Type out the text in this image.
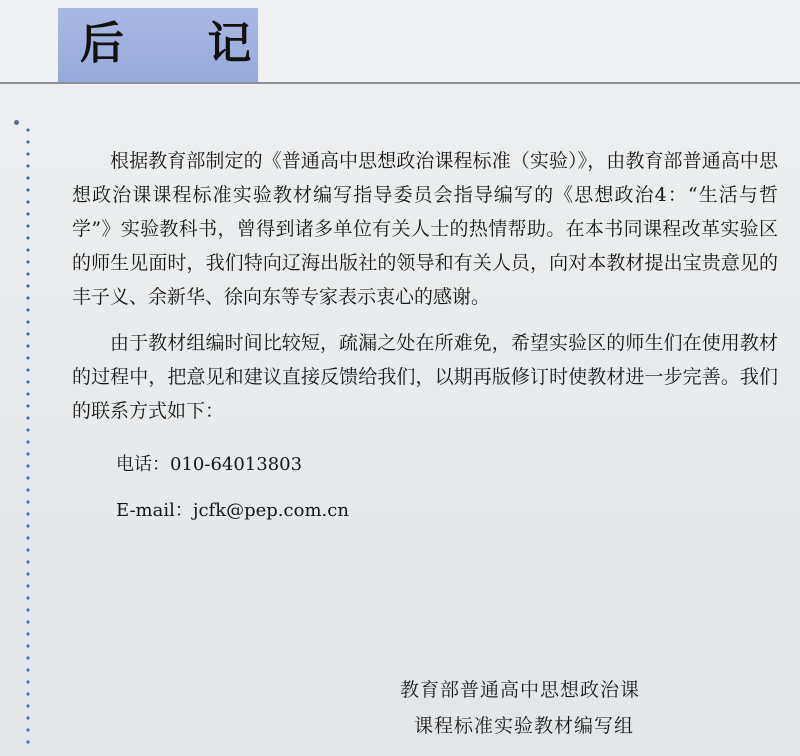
后 记

根据教育部制定的《普通高中思想政治课程标准（实验）》，由教育部普通高中思想政治课课程标准实验教材编写指导委员会指导编写的《思想政治4：“生活与哲学”》实验教科书，曾得到诸多单位有关人士的热情帮助。在本书同课程改革实验区的师生见面时，我们特向辽海出版社的领导和有关人员，向对本教材提出宝贵意见的丰子义、余新华、徐向东等专家表示衷心的感谢。

由于教材组编时间比较短，疏漏之处在所难免，希望实验区的师生们在使用教材的过程中，把意见和建议直接反馈给我们，以期再版修订时使教材进一步完善。我们的联系方式如下：

电话：010-64013803
E-mail：jcfk@pep.com.cn
教育部普通高中思想政治课
课程标准实验教材编写组
